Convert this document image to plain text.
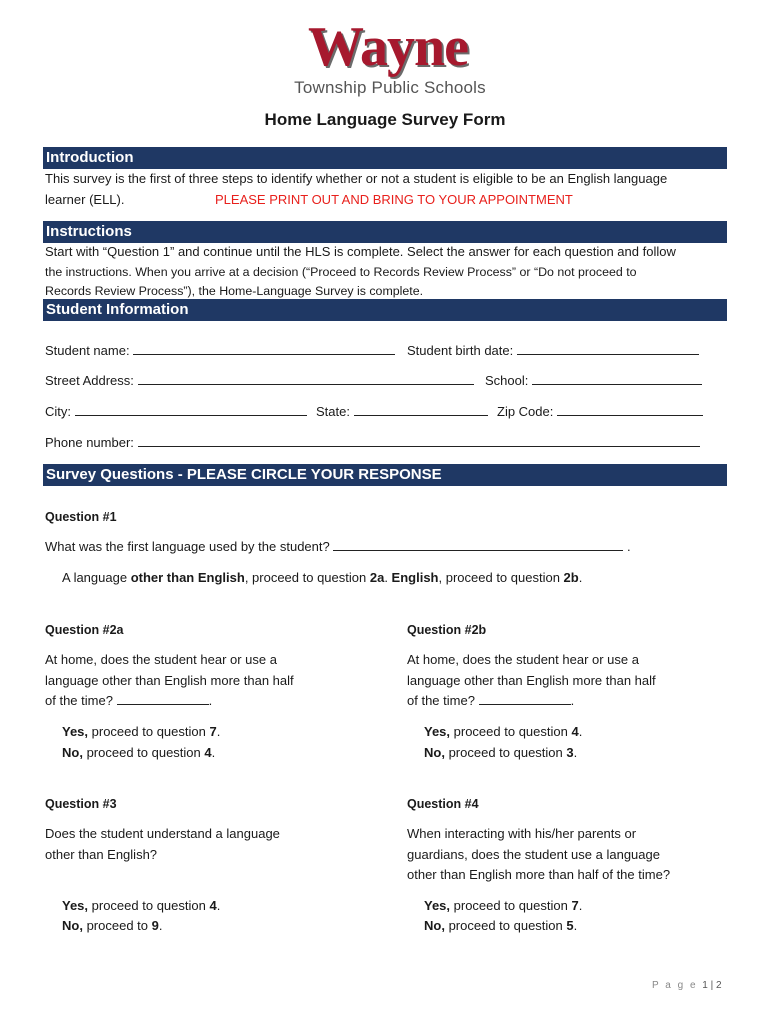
Wayne
Township Public Schools
Home Language Survey Form
Introduction
This survey is the first of three steps to identify whether or not a student is eligible to be an English language
learner (ELL).	PLEASE PRINT OUT AND BRING TO YOUR APPOINTMENT
Instructions
Start with “Question 1” and continue until the HLS is complete. Select the answer for each question and follow
the instructions. When you arrive at a decision (“Proceed to Records Review Process” or “Do not proceed to
Records Review Process”), the Home-Language Survey is complete.
Student Information
Student name:	Student birth date:
Street Address:	School:
City:	State:	Zip Code:
Phone number:
Survey Questions - PLEASE CIRCLE YOUR RESPONSE
Question #1
What was the first language used by the student?	.
A language other than English, proceed to question 2a. English, proceed to question 2b.
Question #2a
At home, does the student hear or use a
language other than English more than half
of the time?	.
Yes, proceed to question 7.
No, proceed to question 4.
Question #2b
At home, does the student hear or use a
language other than English more than half
of the time?	.
Yes, proceed to question 4.
No, proceed to question 3.
Question #3
Does the student understand a language
other than English?
Yes, proceed to question 4.
No, proceed to 9.
Question #4
When interacting with his/her parents or
guardians, does the student use a language
other than English more than half of the time?
Yes, proceed to question 7.
No, proceed to question 5.
P a g e 1 | 2
